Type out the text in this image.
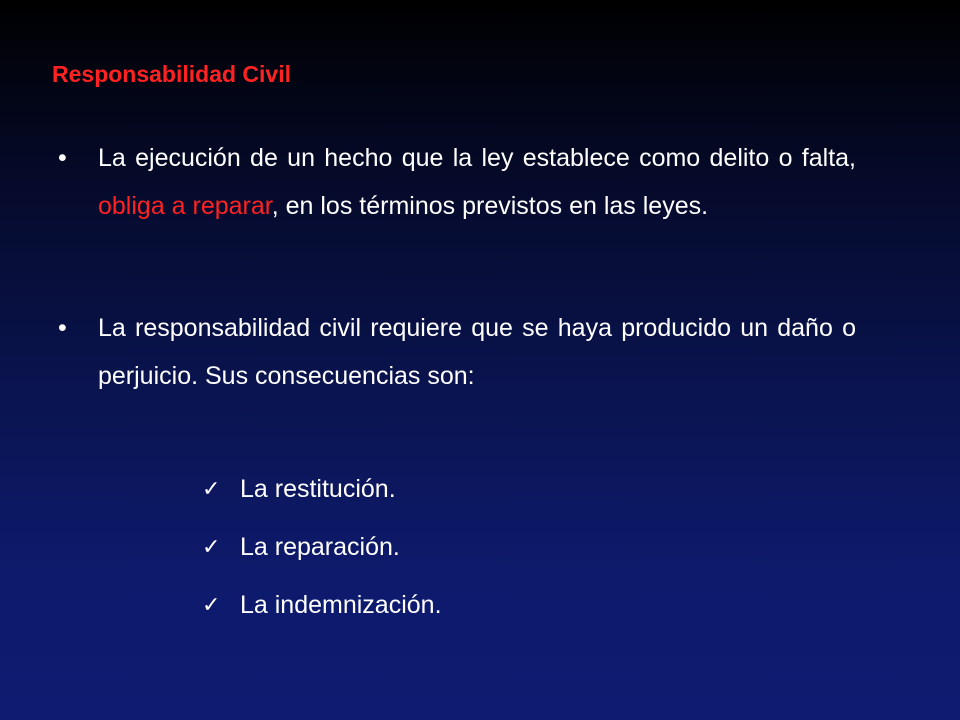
Responsabilidad Civil
•	La ejecución de un hecho que la ley establece como delito o falta, obliga a reparar, en los términos previstos en las leyes.
•	La responsabilidad civil requiere que se haya producido un daño o perjuicio. Sus consecuencias son:
✓ La restitución.
✓ La reparación.
✓ La indemnización.
